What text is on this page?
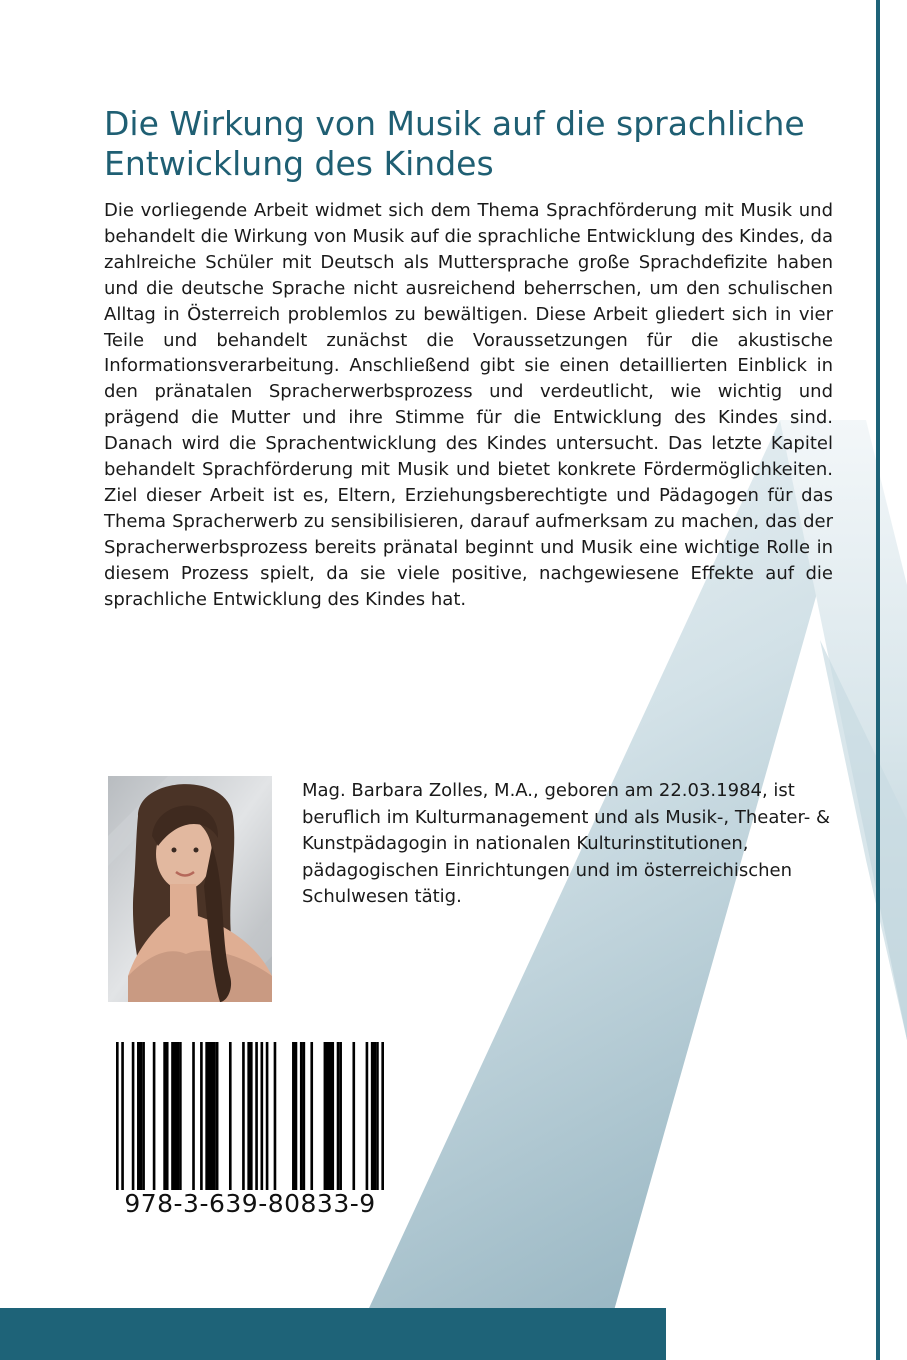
Die Wirkung von Musik auf die sprachliche Entwicklung des Kindes

Die vorliegende Arbeit widmet sich dem Thema Sprachförderung mit Musik und behandelt die Wirkung von Musik auf die sprachliche Entwicklung des Kindes, da zahlreiche Schüler mit Deutsch als Muttersprache große Sprachdefizite haben und die deutsche Sprache nicht ausreichend beherrschen, um den schulischen Alltag in Österreich problemlos zu bewältigen. Diese Arbeit gliedert sich in vier Teile und behandelt zunächst die Voraussetzungen für die akustische Informationsverarbeitung. Anschließend gibt sie einen detaillierten Einblick in den pränatalen Spracherwerbsprozess und verdeutlicht, wie wichtig und prägend die Mutter und ihre Stimme für die Entwicklung des Kindes sind. Danach wird die Sprachentwicklung des Kindes untersucht. Das letzte Kapitel behandelt Sprachförderung mit Musik und bietet konkrete Fördermöglichkeiten. Ziel dieser Arbeit ist es, Eltern, Erziehungsberechtigte und Pädagogen für das Thema Spracherwerb zu sensibilisieren, darauf aufmerksam zu machen, das der Spracherwerbsprozess bereits pränatal beginnt und Musik eine wichtige Rolle in diesem Prozess spielt, da sie viele positive, nachgewiesene Effekte auf die sprachliche Entwicklung des Kindes hat.

Mag. Barbara Zolles, M.A., geboren am 22.03.1984, ist beruflich im Kulturmanagement und als Musik-, Theater- & Kunstpädagogin in nationalen Kulturinstitutionen, pädagogischen Einrichtungen und im österreichischen Schulwesen tätig.

978-3-639-80833-9
